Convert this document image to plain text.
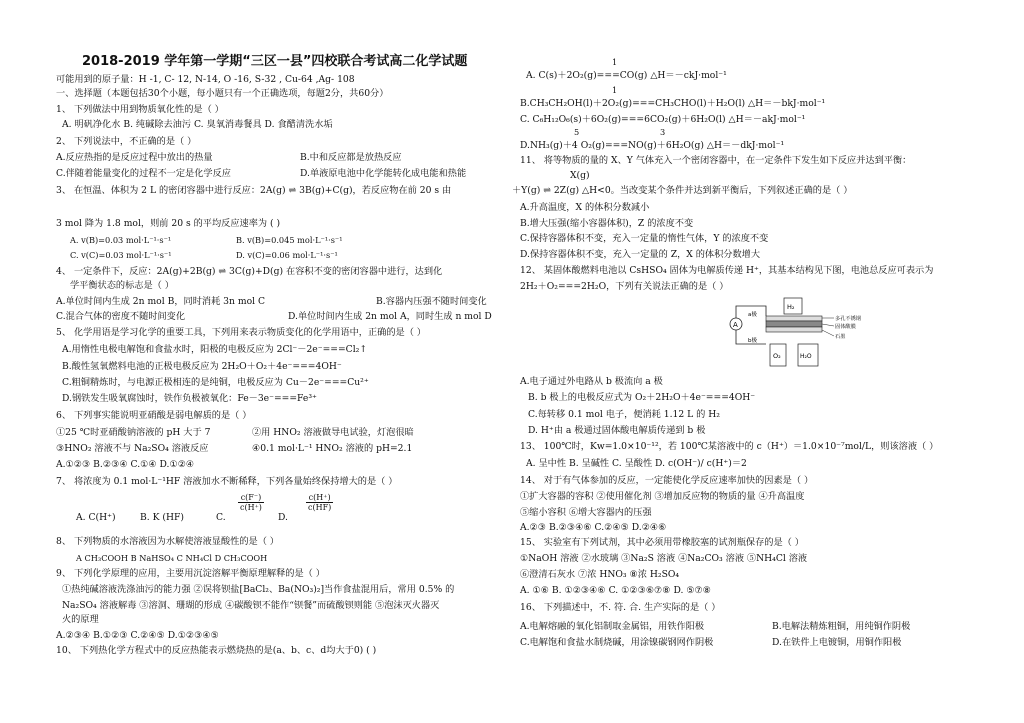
2018-2019 学年第一学期“三区一县”四校联合考试高二化学试题
可能用到的原子量：H -1, C- 12, N-14, O -16, S-32 , Cu-64 ,Ag- 108
一、选择题（本题包括30个小题，每小题只有一个正确选项，每题2分，共60分）
1、 下列做法中用到物质氧化性的是（ ）
A. 明矾净化水 B. 纯碱除去油污 C. 臭氧消毒餐具 D. 食醋清洗水垢
2、 下列说法中，不正确的是（ ）
A.反应热指的是反应过程中放出的热量	B.中和反应都是放热反应
C.伴随着能量变化的过程不一定是化学反应	D.单液原电池中化学能转化成电能和热能
3、 在恒温、体积为 2 L 的密闭容器中进行反应：2A(g) ⇌ 3B(g)+C(g)，若反应物在前 20 s 由
3 mol 降为 1.8 mol，则前 20 s 的平均反应速率为 ( )
A. v(B)=0.03 mol·L⁻¹·s⁻¹	B. v(B)=0.045 mol·L⁻¹·s⁻¹
C. v(C)=0.03 mol·L⁻¹·s⁻¹	D. v(C)=0.06 mol·L⁻¹·s⁻¹
4、 一定条件下，反应：2A(g)+2B(g) ⇌ 3C(g)+D(g) 在容积不变的密闭容器中进行，达到化
学平衡状态的标志是（ ）
A.单位时间内生成 2n mol B，同时消耗 3n mol C	B.容器内压强不随时间变化
C.混合气体的密度不随时间变化	D.单位时间内生成 2n mol A，同时生成 n mol D
5、 化学用语是学习化学的重要工具，下列用来表示物质变化的化学用语中，正确的是（ ）
A.用惰性电极电解饱和食盐水时，阳极的电极反应为 2Cl⁻－2e⁻===Cl₂↑
B.酸性氢氧燃料电池的正极电极反应为 2H₂O＋O₂＋4e⁻===4OH⁻
C.粗铜精炼时，与电源正极相连的是纯铜，电极反应为 Cu－2e⁻===Cu²⁺
D.钢铁发生吸氧腐蚀时，铁作负极被氧化：Fe－3e⁻===Fe³⁺
6、 下列事实能说明亚硝酸是弱电解质的是（ ）
①25 ℃时亚硝酸钠溶液的 pH 大于 7	②用 HNO₂ 溶液做导电试验，灯泡很暗
③HNO₂ 溶液不与 Na₂SO₄ 溶液反应	④0.1 mol·L⁻¹ HNO₂ 溶液的 pH=2.1
A.①②③ B.②③④ C.①④ D.①②④
7、 将浓度为 0.1 mol·L⁻¹HF 溶液加水不断稀释，下列各量始终保持增大的是（ ）
A. C(H⁺)	B. K (HF)	C.
$\frac{c(F^-)}{c(H^+)}$
D.
$\frac{c(H^+)}{c(HF)}$
8、 下列物质的水溶液因为水解使溶液显酸性的是（ ）
A CH₃COOH B NaHSO₄ C NH₄Cl D CH₃COOH
9、 下列化学原理的应用，主要用沉淀溶解平衡原理解释的是（ ）
①热纯碱溶液洗涤油污的能力强 ②误将钡盐[BaCl₂、Ba(NO₃)₂]当作食盐混用后，常用 0.5% 的
Na₂SO₄ 溶液解毒 ③溶洞、珊瑚的形成 ④碳酸钡不能作“钡餐”而硫酸钡则能 ⑤泡沫灭火器灭
火的原理
A.②③④ B.①②③ C.②④⑤ D.①②③④⑤
10、 下列热化学方程式中的反应热能表示燃烧热的是(a、b、c、d均大于0) ( )
1
A. C(s)＋2O₂(g)===CO(g) △H＝－ckJ·mol⁻¹
1
B.CH₃CH₂OH(l)＋2O₂(g)===CH₃CHO(l)＋H₂O(l) △H＝－bkJ·mol⁻¹
C. C₆H₁₂O₆(s)＋6O₂(g)===6CO₂(g)＋6H₂O(l) △H＝－akJ·mol⁻¹
5	3
D.NH₃(g)＋4 O₂(g)===NO(g)＋6H₂O(g) △H＝－dkJ·mol⁻¹
11、 将等物质的量的 X、Y 气体充入一个密闭容器中，在一定条件下发生如下反应并达到平衡：
X(g)
＋Y(g) ⇌ 2Z(g) △H<0。当改变某个条件并达到新平衡后，下列叙述正确的是（ ）
A.升高温度，X 的体积分数减小
B.增大压强(缩小容器体积)，Z 的浓度不变
C.保持容器体积不变，充入一定量的惰性气体，Y 的浓度不变
D.保持容器体积不变，充入一定量的 Z，X 的体积分数增大
12、 某固体酸燃料电池以 CsHSO₄ 固体为电解质传递 H⁺，其基本结构见下图，电池总反应可表示为
2H₂＋O₂===2H₂O，下列有关说法正确的是（ ）
A
a极
b极
H₂
O₂	H₂O
多孔不锈钢
固体酸膜
石墨
A.电子通过外电路从 b 极流向 a 极
B. b 极上的电极反应式为 O₂＋2H₂O＋4e⁻===4OH⁻
C.每转移 0.1 mol 电子，便消耗 1.12 L 的 H₂
D. H⁺由 a 极通过固体酸电解质传递到 b 极
13、 100℃时，Kw=1.0×10⁻¹²，若 100℃某溶液中的 c（H⁺）＝1.0×10⁻⁷mol/L，则该溶液（ ）
A. 呈中性 B. 呈碱性 C. 呈酸性 D. c(OH⁻)/ c(H⁺)＝2
14、 对于有气体参加的反应，一定能使化学反应速率加快的因素是（ ）
①扩大容器的容积 ②使用催化剂 ③增加反应物的物质的量 ④升高温度
⑤缩小容积 ⑥增大容器内的压强
A.②③ B.②③④⑥ C.②④⑤ D.②④⑥
15、 实验室有下列试剂，其中必须用带橡胶塞的试剂瓶保存的是（ ）
①NaOH 溶液 ②水玻璃 ③Na₂S 溶液 ④Na₂CO₃ 溶液 ⑤NH₄Cl 溶液
⑥澄清石灰水 ⑦浓 HNO₃ ⑧浓 H₂SO₄
A. ①⑥ B. ①②③④⑥ C. ①②③⑥⑦⑧ D. ⑤⑦⑧
16、 下列描述中，不. 符. 合. 生产实际的是（ ）
A.电解熔融的氧化铝制取金属铝，用铁作阳极	B.电解法精炼粗铜，用纯铜作阴极
C.电解饱和食盐水制烧碱，用涂镍碳钢网作阴极	D.在铁件上电镀铜，用铜作阳极
